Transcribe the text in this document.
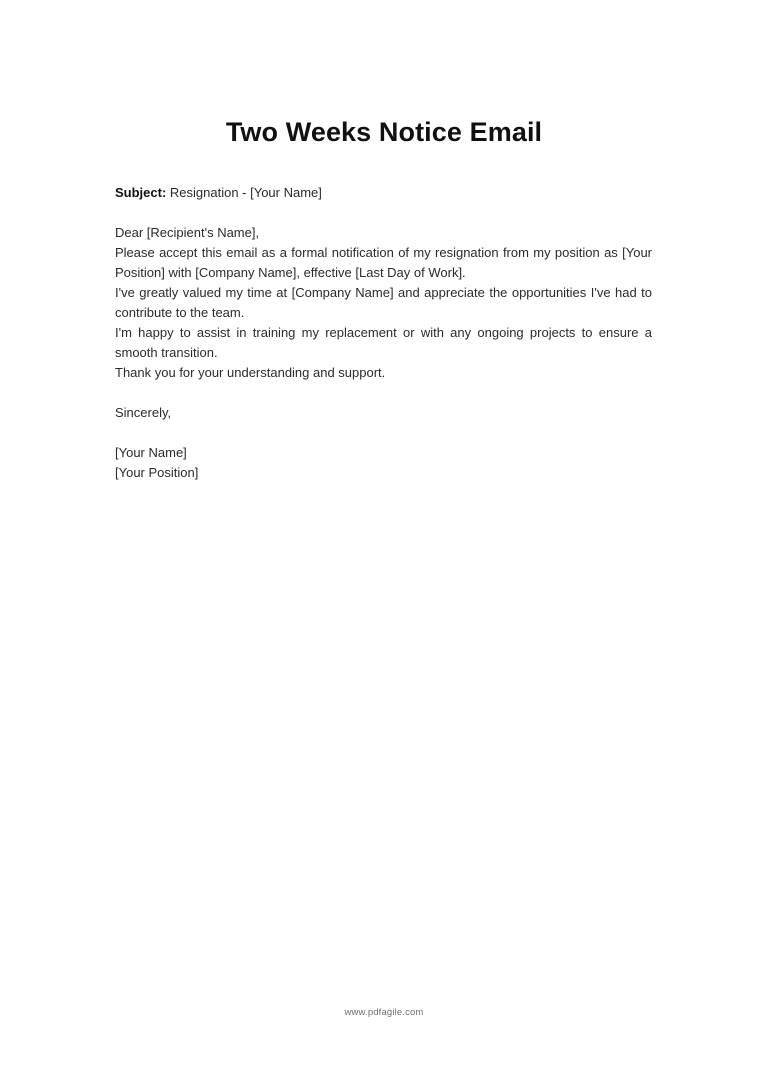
Two Weeks Notice Email

Subject: Resignation - [Your Name]

Dear [Recipient's Name],

Please accept this email as a formal notification of my resignation from my position as [Your Position] with [Company Name], effective [Last Day of Work].

I've greatly valued my time at [Company Name] and appreciate the opportunities I've had to contribute to the team.

I'm happy to assist in training my replacement or with any ongoing projects to ensure a smooth transition.

Thank you for your understanding and support.

Sincerely,

[Your Name]

[Your Position]

www.pdfagile.com
